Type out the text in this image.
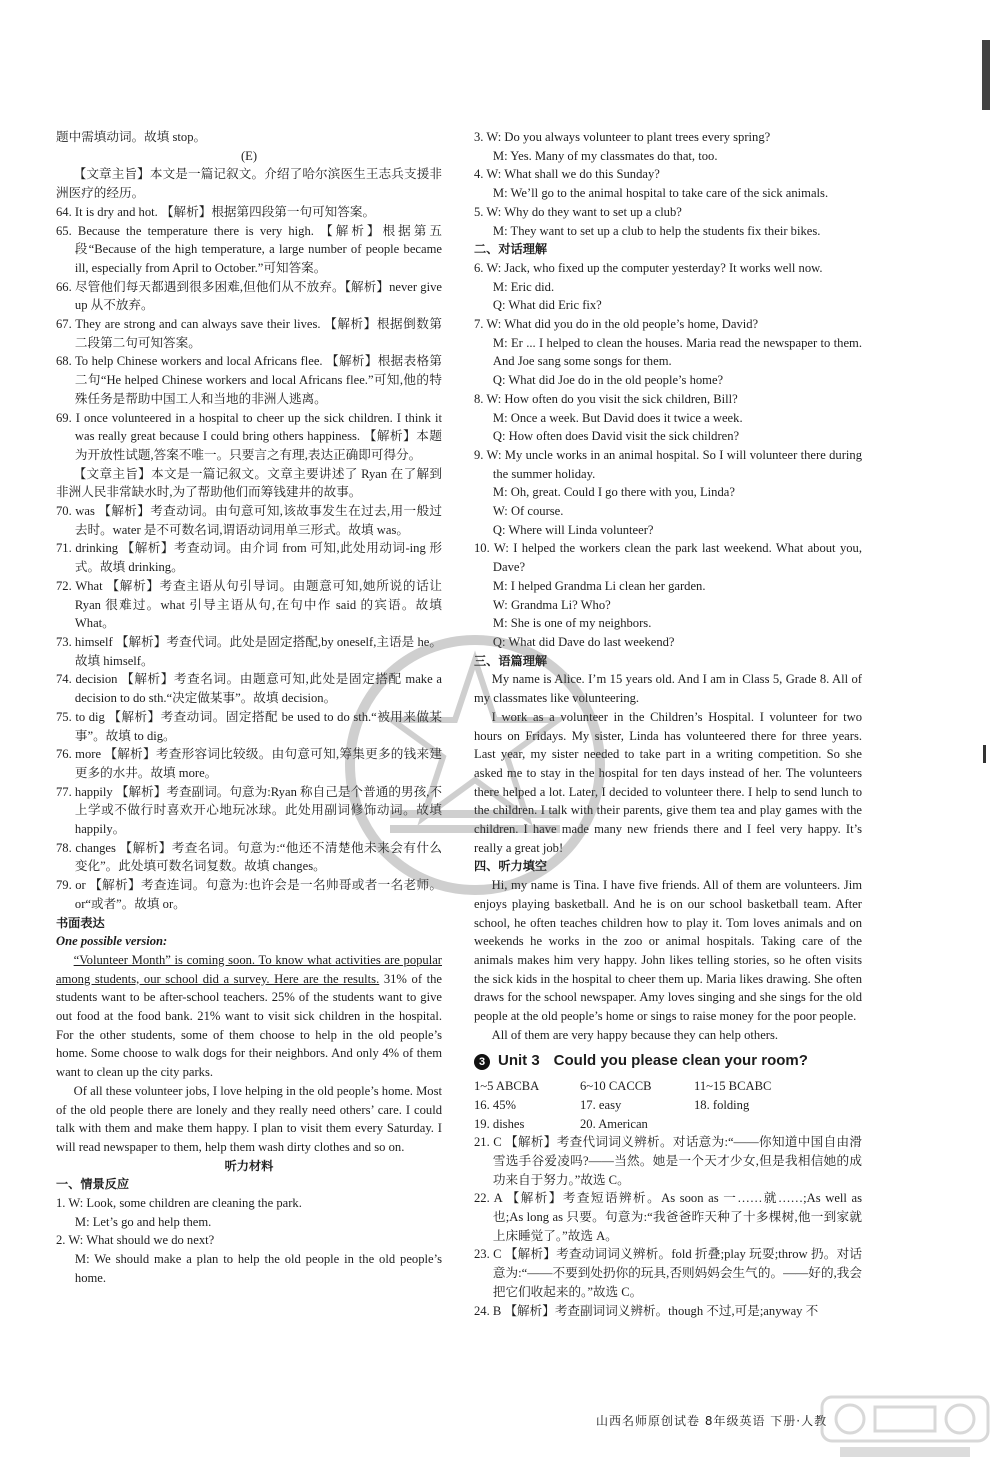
题中需填动词。故填 stop。

(E)

【文章主旨】本文是一篇记叙文。介绍了哈尔滨医生王志兵支援非洲医疗的经历。

64. It is dry and hot. 【解析】根据第四段第一句可知答案。

65. Because the temperature there is very high. 【解析】根据第五段“Because of the high temperature, a large number of people became ill, especially from April to October.”可知答案。

66. 尽管他们每天都遇到很多困难,但他们从不放弃。【解析】never give up 从不放弃。

67. They are strong and can always save their lives. 【解析】根据倒数第二段第二句可知答案。

68. To help Chinese workers and local Africans flee. 【解析】根据表格第二句“He helped Chinese workers and local Africans flee.”可知,他的特殊任务是帮助中国工人和当地的非洲人逃离。

69. I once volunteered in a hospital to cheer up the sick children. I think it was really great because I could bring others happiness. 【解析】本题为开放性试题,答案不唯一。只要言之有理,表达正确即可得分。

【文章主旨】本文是一篇记叙文。文章主要讲述了 Ryan 在了解到非洲人民非常缺水时,为了帮助他们而筹钱建井的故事。

70. was 【解析】考查动词。由句意可知,该故事发生在过去,用一般过去时。water 是不可数名词,谓语动词用单三形式。故填 was。

71. drinking 【解析】考查动词。由介词 from 可知,此处用动词-ing 形式。故填 drinking。

72. What 【解析】考查主语从句引导词。由题意可知,她所说的话让 Ryan 很难过。what 引导主语从句,在句中作 said 的宾语。故填 What。

73. himself 【解析】考查代词。此处是固定搭配,by oneself,主语是 he。故填 himself。

74. decision 【解析】考查名词。由题意可知,此处是固定搭配 make a decision to do sth.“决定做某事”。故填 decision。

75. to dig 【解析】考查动词。固定搭配 be used to do sth.“被用来做某事”。故填 to dig。

76. more 【解析】考查形容词比较级。由句意可知,筹集更多的钱来建更多的水井。故填 more。

77. happily 【解析】考查副词。句意为:Ryan 称自己是个普通的男孩,不上学或不做行时喜欢开心地玩冰球。此处用副词修饰动词。故填 happily。

78. changes 【解析】考查名词。句意为:“他还不清楚他未来会有什么变化”。此处填可数名词复数。故填 changes。

79. or 【解析】考查连词。句意为:也许会是一名帅哥或者一名老师。or“或者”。故填 or。

书面表达

One possible version:

“Volunteer Month” is coming soon. To know what activities are popular among students, our school did a survey. Here are the results. 31% of the students want to be after-school teachers. 25% of the students want to give out food at the food bank. 21% want to visit sick children in the hospital. For the other students, some of them choose to help in the old people’s home. Some choose to walk dogs for their neighbors. And only 4% of them want to clean up the city parks.

Of all these volunteer jobs, I love helping in the old people’s home. Most of the old people there are lonely and they really need others’ care. I could talk with them and make them happy. I plan to visit them every Saturday. I will read newspaper to them, help them wash dirty clothes and so on.

听力材料

一、情景反应

1. W: Look, some children are cleaning the park.

M: Let’s go and help them.

2. W: What should we do next?

M: We should make a plan to help the old people in the old people’s home.

3. W: Do you always volunteer to plant trees every spring?

M: Yes. Many of my classmates do that, too.

4. W: What shall we do this Sunday?

M: We’ll go to the animal hospital to take care of the sick animals.

5. W: Why do they want to set up a club?

M: They want to set up a club to help the students fix their bikes.

二、对话理解

6. W: Jack, who fixed up the computer yesterday? It works well now.

M: Eric did.

Q: What did Eric fix?

7. W: What did you do in the old people’s home, David?

M: Er ... I helped to clean the houses. Maria read the newspaper to them. And Joe sang some songs for them.

Q: What did Joe do in the old people’s home?

8. W: How often do you visit the sick children, Bill?

M: Once a week. But David does it twice a week.

Q: How often does David visit the sick children?

9. W: My uncle works in an animal hospital. So I will volunteer there during the summer holiday.

M: Oh, great. Could I go there with you, Linda?

W: Of course.

Q: Where will Linda volunteer?

10. W: I helped the workers clean the park last weekend. What about you, Dave?

M: I helped Grandma Li clean her garden.

W: Grandma Li? Who?

M: She is one of my neighbors.

Q: What did Dave do last weekend?

三、语篇理解

My name is Alice. I’m 15 years old. And I am in Class 5, Grade 8. All of my classmates like volunteering.

I work as a volunteer in the Children’s Hospital. I volunteer for two hours on Fridays. My sister, Linda has volunteered there for three years. Last year, my sister needed to take part in a writing competition. So she asked me to stay in the hospital for ten days instead of her. The volunteers there helped a lot. Later, I decided to volunteer there. I help to send lunch to the children. I talk with their parents, give them tea and play games with the children. I have made many new friends there and I feel very happy. It’s really a great job!

四、听力填空

Hi, my name is Tina. I have five friends. All of them are volunteers. Jim enjoys playing basketball. And he is on our school basketball team. After school, he often teaches children how to play it. Tom loves animals and on weekends he works in the zoo or animal hospitals. Taking care of the animals makes him very happy. John likes telling stories, so he often visits the sick kids in the hospital to cheer them up. Maria likes drawing. She often draws for the school newspaper. Amy loves singing and she sings for the old people at the old people’s home or sings to raise money for the poor people.

All of them are very happy because they can help others.

3 Unit 3 Could you please clean your room?

1~5 ABCBA	6~10 CACCB	11~15 BCABC

16. 45%	17. easy	18. folding

19. dishes	20. American

21. C 【解析】考查代词词义辨析。对话意为:“——你知道中国自由滑雪选手谷爱凌吗?——当然。她是一个天才少女,但是我相信她的成功来自于努力。”故选 C。

22. A 【解析】考查短语辨析。As soon as 一……就……;As well as 也;As long as 只要。句意为:“我爸爸昨天种了十多棵树,他一到家就上床睡觉了。”故选 A。

23. C 【解析】考查动词词义辨析。fold 折叠;play 玩耍;throw 扔。对话意为:“——不要到处扔你的玩具,否则妈妈会生气的。——好的,我会把它们收起来的。”故选 C。

24. B 【解析】考查副词词义辨析。though 不过,可是;anyway 不

山西名师原创试卷 8年级英语 下册·人教
